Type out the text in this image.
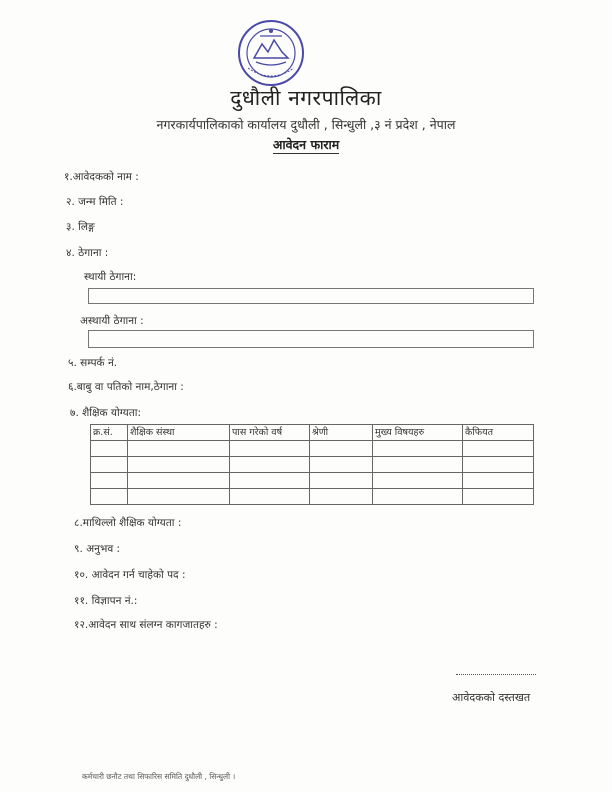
दुधौली नगरपालिका
नगरकार्यपालिकाको कार्यालय दुधौली , सिन्धुली ,३ नं प्रदेश , नेपाल
आवेदन फाराम
१.आवेदकको नाम :
२. जन्म मिति :
३. लिङ्ग
४. ठेगाना :
स्थायी ठेगाना:
अस्थायी ठेगाना :
५. सम्पर्क नं.
६.बाबु वा पतिको नाम,ठेगाना :
७. शैक्षिक योग्यता:
क्र.सं.	शैक्षिक संस्था	पास गरेको वर्ष	श्रेणी	मुख्य विषयहरु	कैफियत

८.माथिल्लो शैक्षिक योग्यता :
९. अनुभव :
१०. आवेदन गर्न चाहेको पद :
११. विज्ञापन नं.:
१२.आवेदन साथ संलग्न कागजातहरु :
आवेदकको दस्तखत
कर्मचारी छनौट तथा सिफारिस समिति दुधौली , सिन्धुली ।
